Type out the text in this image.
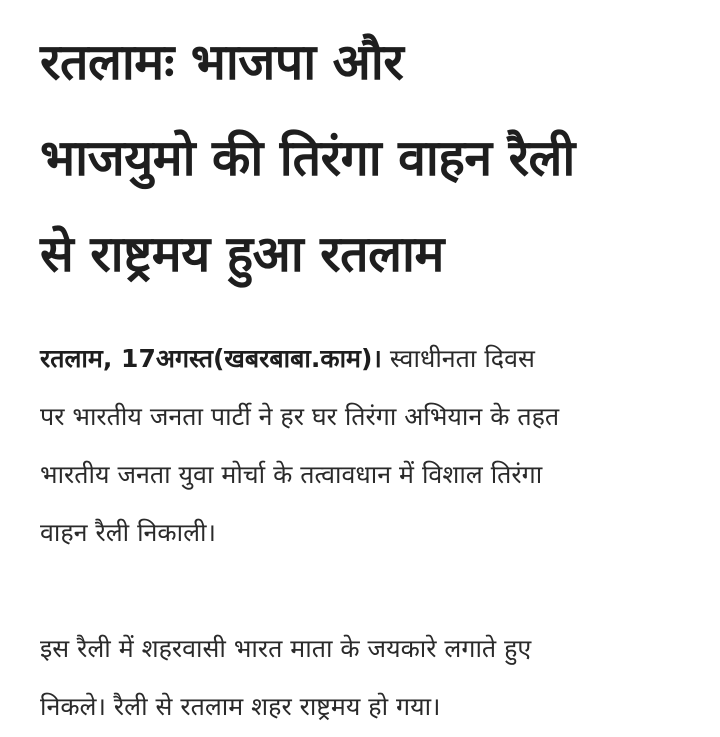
रतलामः भाजपा और
भाजयुमो की तिरंगा वाहन रैली
से राष्ट्रमय हुआ रतलाम
रतलाम, 17अगस्त(खबरबाबा.काम)। स्वाधीनता दिवस
पर भारतीय जनता पार्टी ने हर घर तिरंगा अभियान के तहत
भारतीय जनता युवा मोर्चा के तत्वावधान में विशाल तिरंगा
वाहन रैली निकाली।
इस रैली में शहरवासी भारत माता के जयकारे लगाते हुए
निकले। रैली से रतलाम शहर राष्ट्रमय हो गया।
